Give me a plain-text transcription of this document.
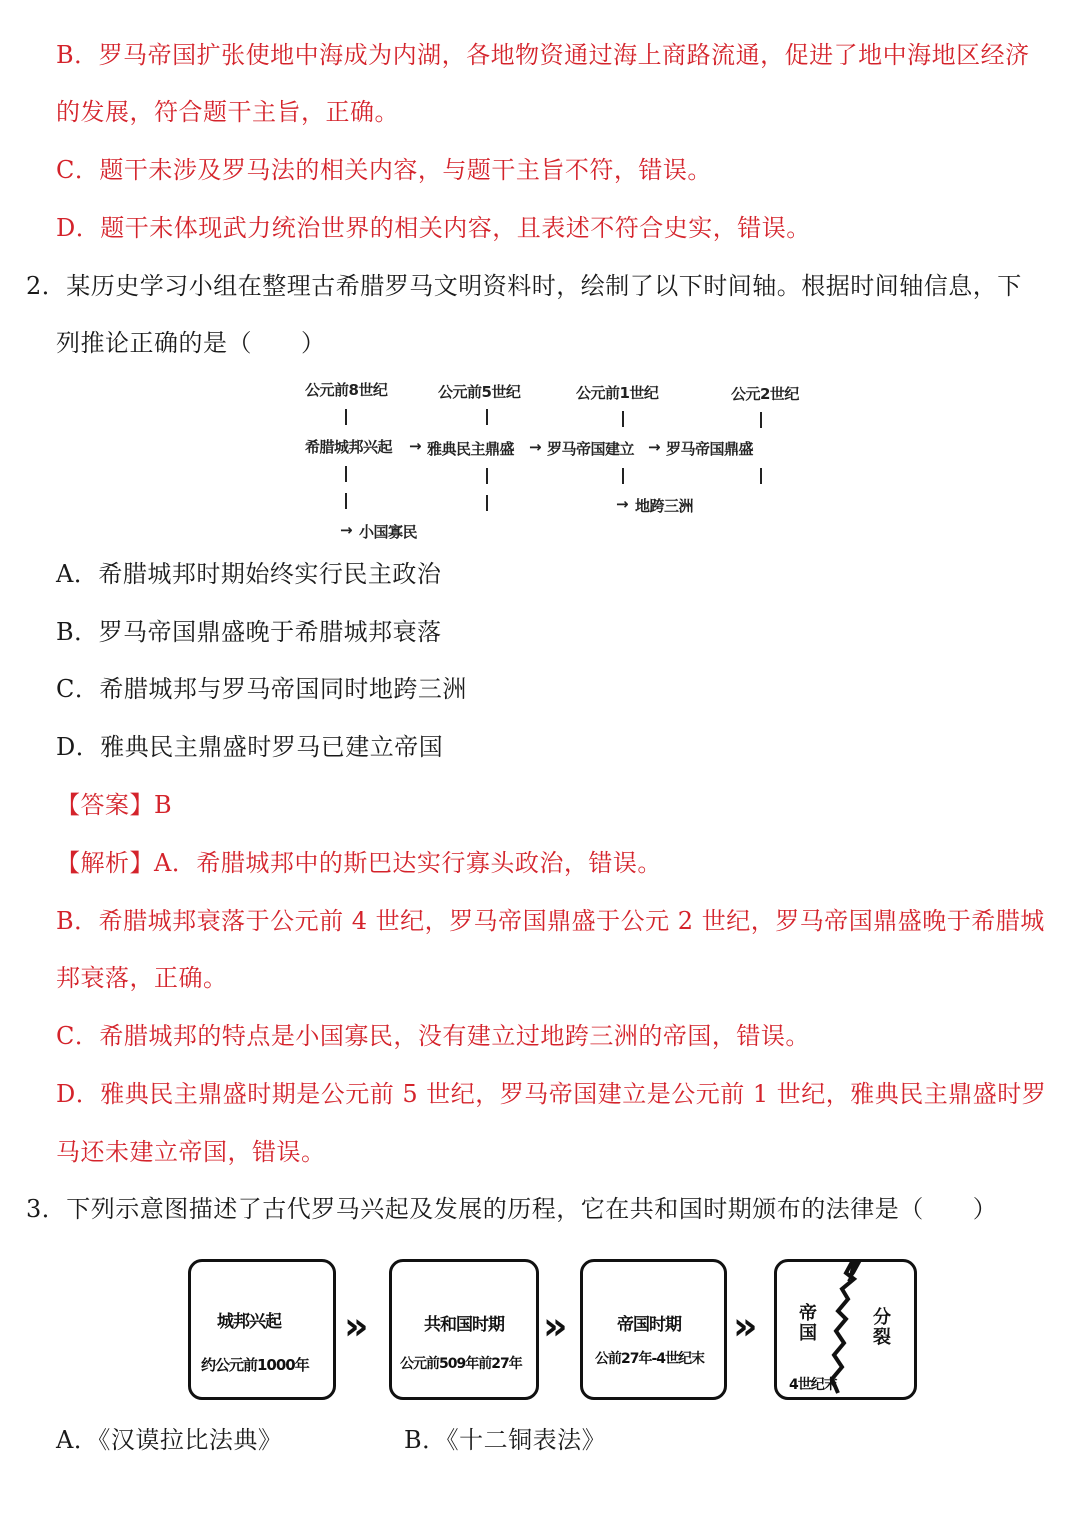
B．罗马帝国扩张使地中海成为内湖，各地物资通过海上商路流通，促进了地中海地区经济
的发展，符合题干主旨，正确。
C．题干未涉及罗马法的相关内容，与题干主旨不符，错误。
D．题干未体现武力统治世界的相关内容，且表述不符合史实，错误。
2．某历史学习小组在整理古希腊罗马文明资料时，绘制了以下时间轴。根据时间轴信息，下
列推论正确的是（　　）
公元前8世纪	公元前5世纪	公元前1世纪	公元2世纪
希腊城邦兴起 → 雅典民主鼎盛 → 罗马帝国建立 → 罗马帝国鼎盛
→ 地跨三洲
→ 小国寡民
A．希腊城邦时期始终实行民主政治
B．罗马帝国鼎盛晚于希腊城邦衰落
C．希腊城邦与罗马帝国同时地跨三洲
D．雅典民主鼎盛时罗马已建立帝国
【答案】B
【解析】A．希腊城邦中的斯巴达实行寡头政治，错误。
B．希腊城邦衰落于公元前 4 世纪，罗马帝国鼎盛于公元 2 世纪，罗马帝国鼎盛晚于希腊城
邦衰落，正确。
C．希腊城邦的特点是小国寡民，没有建立过地跨三洲的帝国，错误。
D．雅典民主鼎盛时期是公元前 5 世纪，罗马帝国建立是公元前 1 世纪，雅典民主鼎盛时罗
马还未建立帝国，错误。
3．下列示意图描述了古代罗马兴起及发展的历程，它在共和国时期颁布的法律是（　　）
城邦兴起
约公元前1000年
»	共和国时期
公元前509年前27年
»	帝国时期
公前27年-4世纪末
»	帝国
分裂
4世纪末
A．《汉谟拉比法典》	B．《十二铜表法》
